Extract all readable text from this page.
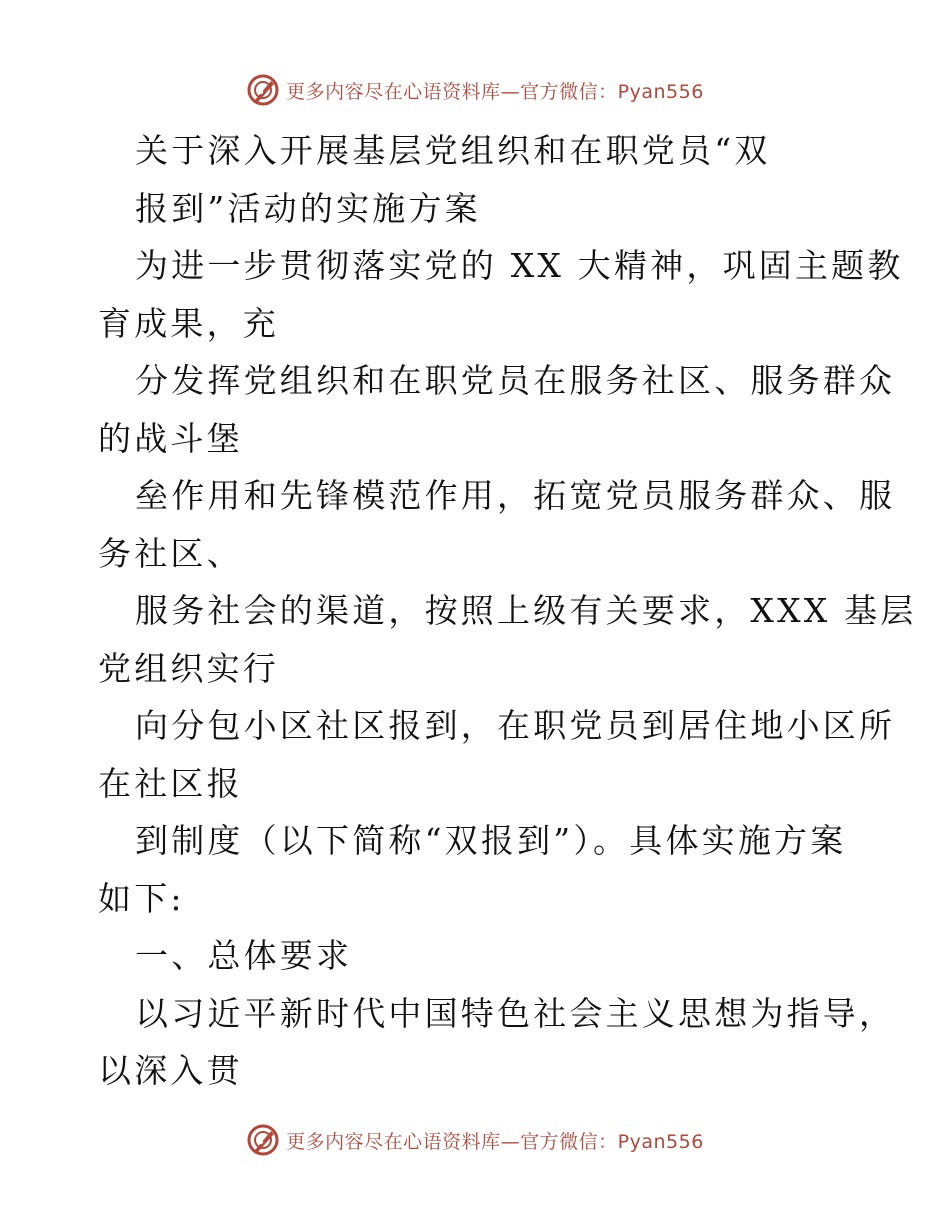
更多内容尽在心语资料库—官方微信：Pyan556
关于深入开展基层党组织和在职党员“双
报到”活动的实施方案
为进一步贯彻落实党的 XX 大精神，巩固主题教
育成果，充
分发挥党组织和在职党员在服务社区、服务群众
的战斗堡
垒作用和先锋模范作用，拓宽党员服务群众、服
务社区、
服务社会的渠道，按照上级有关要求，XXX 基层
党组织实行
向分包小区社区报到，在职党员到居住地小区所
在社区报
到制度（以下简称“双报到”）。具体实施方案
如下:
一、总体要求
以习近平新时代中国特色社会主义思想为指导，
以深入贯
更多内容尽在心语资料库—官方微信：Pyan556
